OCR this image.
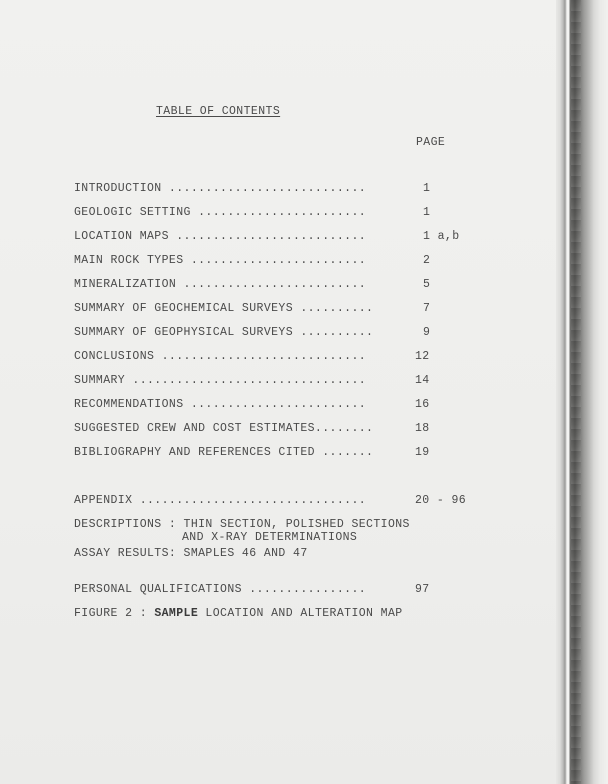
TABLE OF CONTENTS

PAGE

INTRODUCTION ...........................	1

GEOLOGIC SETTING .......................	1

LOCATION MAPS ..........................	1 a,b

MAIN ROCK TYPES ........................	2

MINERALIZATION .........................	5

SUMMARY OF GEOCHEMICAL SURVEYS ..........	7

SUMMARY OF GEOPHYSICAL SURVEYS ..........	9

CONCLUSIONS ............................	12

SUMMARY ................................	14

RECOMMENDATIONS ........................	16

SUGGESTED CREW AND COST ESTIMATES........	18

BIBLIOGRAPHY AND REFERENCES CITED .......	19

APPENDIX ...............................	20 - 96

DESCRIPTIONS : THIN SECTION, POLISHED SECTIONS

AND X-RAY DETERMINATIONS

ASSAY RESULTS: SMAPLES 46 AND 47

PERSONAL QUALIFICATIONS ................	97

FIGURE 2 : SAMPLE LOCATION AND ALTERATION MAP
